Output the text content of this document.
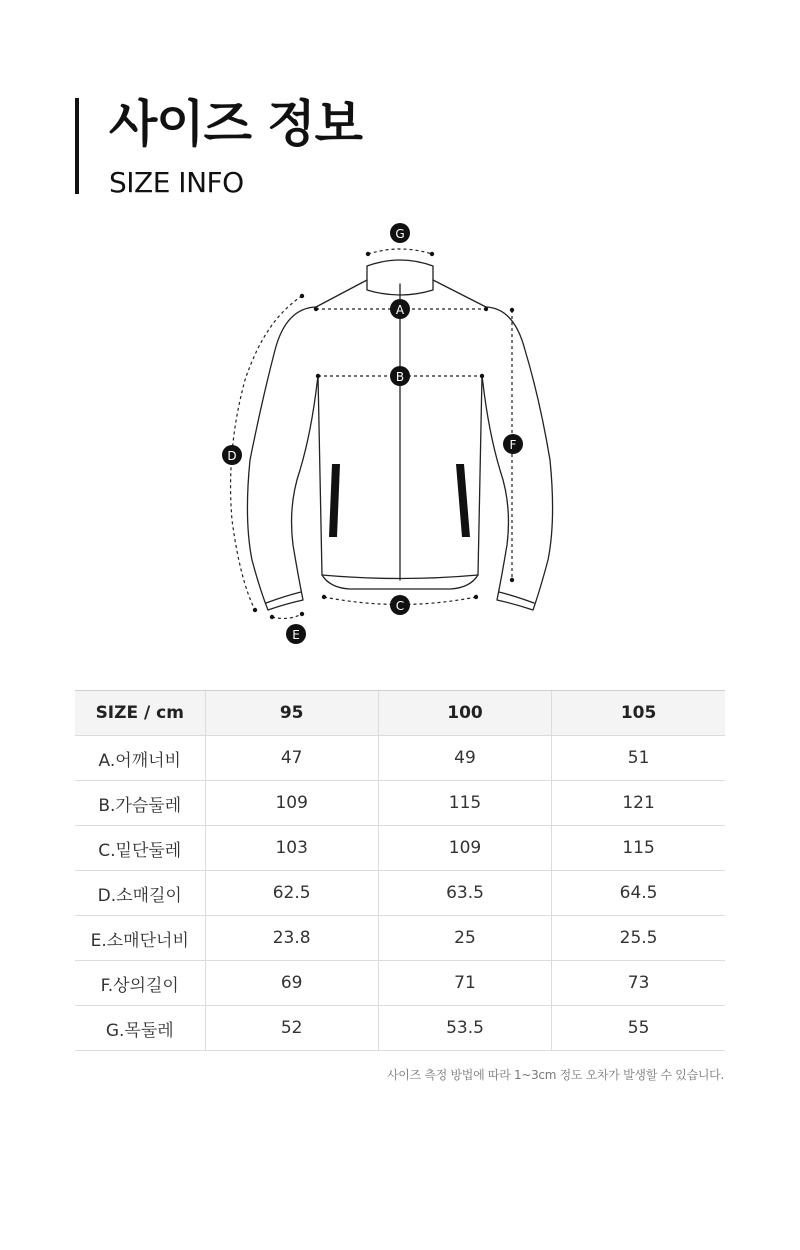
사이즈 정보
SIZE INFO
A
B
C
D
E
F
G
SIZE / cm	95	100	105
A.어깨너비	47	49	51
B.가슴둘레	109	115	121
C.밑단둘레	103	109	115
D.소매길이	62.5	63.5	64.5
E.소매단너비	23.8	25	25.5
F.상의길이	69	71	73
G.목둘레	52	53.5	55
사이즈 측정 방법에 따라 1~3cm 정도 오차가 발생할 수 있습니다.
